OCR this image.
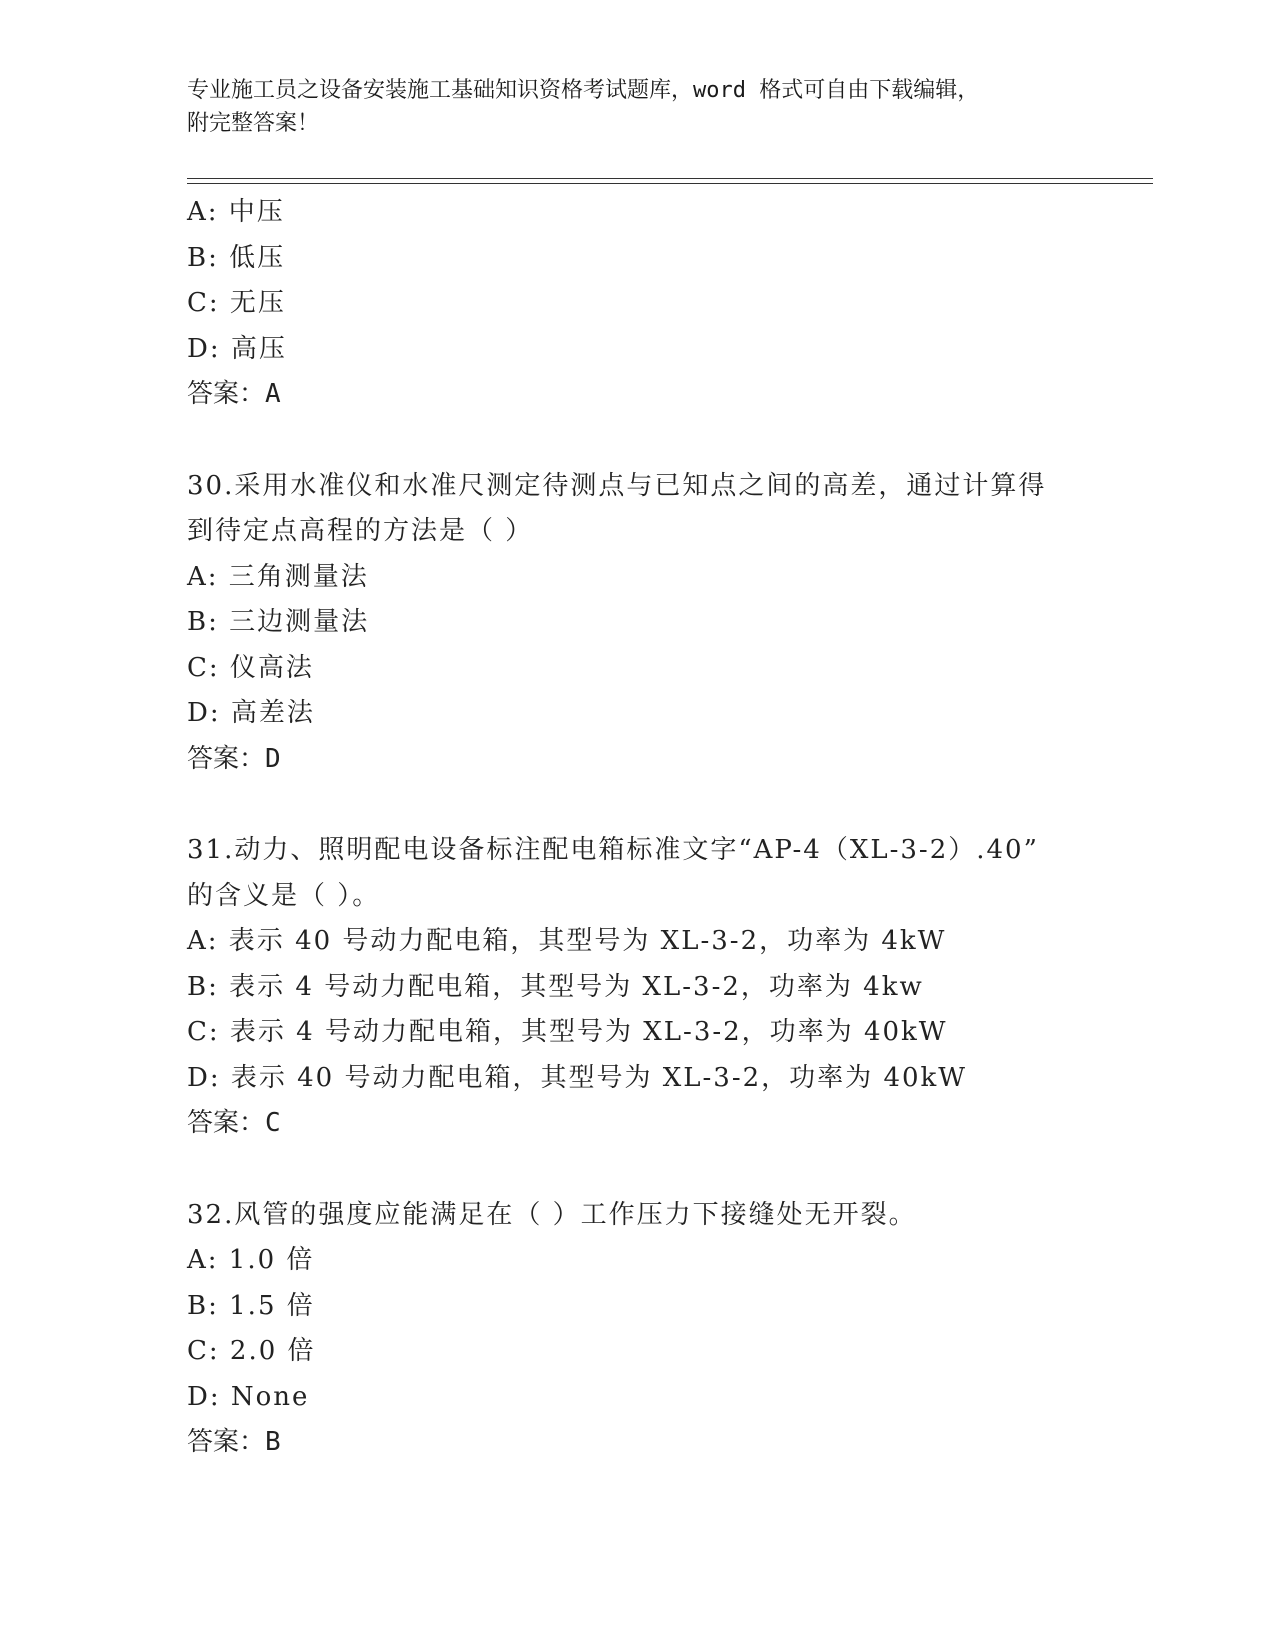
专业施工员之设备安装施工基础知识资格考试题库，word 格式可自由下载编辑，
附完整答案！
A: 中压
B: 低压
C: 无压
D: 高压
答案：A
30.采用水准仪和水准尺测定待测点与已知点之间的高差，通过计算得
到待定点高程的方法是（ ）
A: 三角测量法
B: 三边测量法
C: 仪高法
D: 高差法
答案：D
31.动力、照明配电设备标注配电箱标准文字“AP-4（XL-3-2）.40”
的含义是（ ）。
A: 表示 40 号动力配电箱，其型号为 XL-3-2，功率为 4kW
B: 表示 4 号动力配电箱，其型号为 XL-3-2，功率为 4kw
C: 表示 4 号动力配电箱，其型号为 XL-3-2，功率为 40kW
D: 表示 40 号动力配电箱，其型号为 XL-3-2，功率为 40kW
答案：C
32.风管的强度应能满足在（ ）工作压力下接缝处无开裂。
A: 1.0 倍
B: 1.5 倍
C: 2.0 倍
D: None
答案：B
